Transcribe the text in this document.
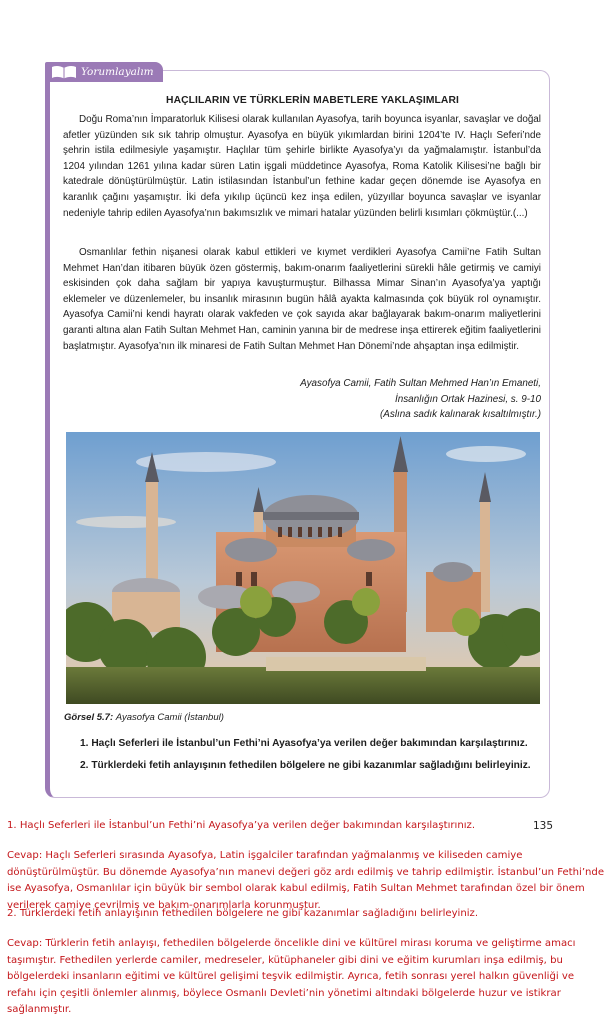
Yorumlayalım
HAÇLILARIN VE TÜRKLERİN MABETLERE YAKLAŞIMLARI

Doğu Roma’nın İmparatorluk Kilisesi olarak kullanılan Ayasofya, tarih boyunca isyanlar, savaşlar ve doğal afetler yüzünden sık sık tahrip olmuştur. Ayasofya en büyük yıkımlardan birini 1204’te IV. Haçlı Seferi’nde şehrin istila edilmesiyle yaşamıştır. Haçlılar tüm şehirle birlikte Ayasofya’yı da yağmalamıştır. İstanbul’da 1204 yılından 1261 yılına kadar süren Latin işgali müddetince Ayasofya, Roma Katolik Kilisesi’ne bağlı bir katedrale dönüştürülmüştür. Latin istilasından İstanbul’un fethine kadar geçen dönemde ise Ayasofya en karanlık çağını yaşamıştır. İki defa yıkılıp üçüncü kez inşa edilen, yüzyıllar boyunca savaşlar ve isyanlar nedeniyle tahrip edilen Ayasofya’nın bakımsızlık ve mimari hatalar yüzünden belirli kısımları çökmüştür.(...)

Osmanlılar fethin nişanesi olarak kabul ettikleri ve kıymet verdikleri Ayasofya Camii’ne Fatih Sultan Mehmet Han’dan itibaren büyük özen göstermiş, bakım-onarım faaliyetlerini sürekli hâle getirmiş ve camiyi eskisinden çok daha sağlam bir yapıya kavuşturmuştur. Bilhassa Mimar Sinan’ın Ayasofya’ya yaptığı eklemeler ve düzenlemeler, bu insanlık mirasının bugün hâlâ ayakta kalmasında çok büyük rol oynamıştır. Ayasofya Camii’ni kendi hayratı olarak vakfeden ve çok sayıda akar bağlayarak bakım-onarım maliyetlerini garanti altına alan Fatih Sultan Mehmet Han, caminin yanına bir de medrese inşa ettirerek eğitim faaliyetlerini başlatmıştır. Ayasofya’nın ilk minaresi de Fatih Sultan Mehmet Han Dönemi’nde ahşaptan inşa edilmiştir.

Ayasofya Camii, Fatih Sultan Mehmed Han’ın Emaneti,
İnsanlığın Ortak Hazinesi, s. 9-10
(Aslına sadık kalınarak kısaltılmıştır.)
Görsel 5.7: Ayasofya Camii (İstanbul)

1. Haçlı Seferleri ile İstanbul’un Fethi’ni Ayasofya’ya verilen değer bakımından karşılaştırınız.

2. Türklerdeki fetih anlayışının fethedilen bölgelere ne gibi kazanımlar sağladığını belirleyiniz.

135

1. Haçlı Seferleri ile İstanbul’un Fethi’ni Ayasofya’ya verilen değer bakımından karşılaştırınız.

Cevap: Haçlı Seferleri sırasında Ayasofya, Latin işgalciler tarafından yağmalanmış ve kiliseden camiye dönüştürülmüştür. Bu dönemde Ayasofya’nın manevi değeri göz ardı edilmiş ve tahrip edilmiştir. İstanbul’un Fethi’nde ise Ayasofya, Osmanlılar için büyük bir sembol olarak kabul edilmiş, Fatih Sultan Mehmet tarafından özel bir önem verilerek camiye çevrilmiş ve bakım-onarımlarla korunmuştur.

2. Türklerdeki fetih anlayışının fethedilen bölgelere ne gibi kazanımlar sağladığını belirleyiniz.

Cevap: Türklerin fetih anlayışı, fethedilen bölgelerde öncelikle dini ve kültürel mirası koruma ve geliştirme amacı taşımıştır. Fethedilen yerlerde camiler, medreseler, kütüphaneler gibi dini ve eğitim kurumları inşa edilmiş, bu bölgelerdeki insanların eğitimi ve kültürel gelişimi teşvik edilmiştir. Ayrıca, fetih sonrası yerel halkın güvenliği ve refahı için çeşitli önlemler alınmış, böylece Osmanlı Devleti’nin yönetimi altındaki bölgelerde huzur ve istikrar sağlanmıştır.
